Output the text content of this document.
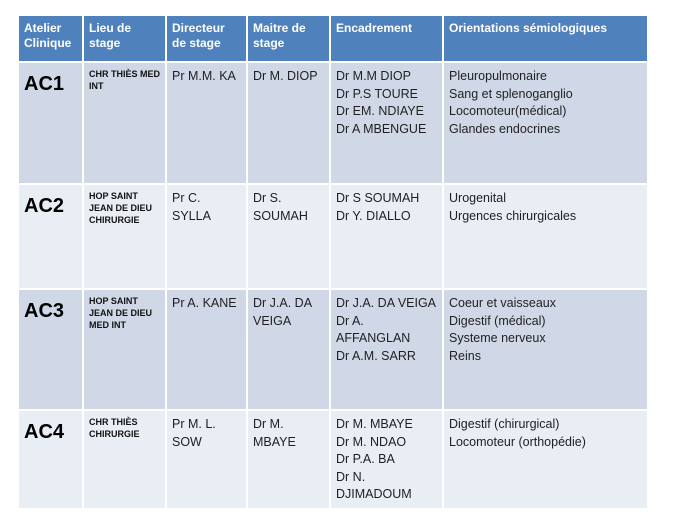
Atelier Clinique	Lieu de stage	Directeur de stage	Maitre de stage	Encadrement	Orientations sémiologiques
AC1	CHR THIÈS MED INT	Pr M.M. KA	Dr M. DIOP	Dr M.M DIOP
Dr P.S TOURE
Dr EM. NDIAYE
Dr A MBENGUE	Pleuropulmonaire
Sang et splenoganglio
Locomoteur(médical)
Glandes endocrines

AC2	HOP SAINT JEAN DE DIEU CHIRURGIE	Pr C. SYLLA	Dr S. SOUMAH	Dr S SOUMAH
Dr Y. DIALLO	Urogenital
Urgences chirurgicales

AC3	HOP SAINT JEAN DE DIEU MED INT	Pr A. KANE	Dr J.A. DA VEIGA	Dr J.A. DA VEIGA
Dr A. AFFANGLAN
Dr A.M. SARR	Coeur et vaisseaux
Digestif (médical)
Systeme nerveux
Reins

AC4	CHR THIÈS CHIRURGIE	Pr M. L. SOW	Dr M. MBAYE	Dr M. MBAYE
Dr M. NDAO
Dr P.A. BA
Dr N. DJIMADOUM	Digestif (chirurgical)
Locomoteur (orthopédie)
